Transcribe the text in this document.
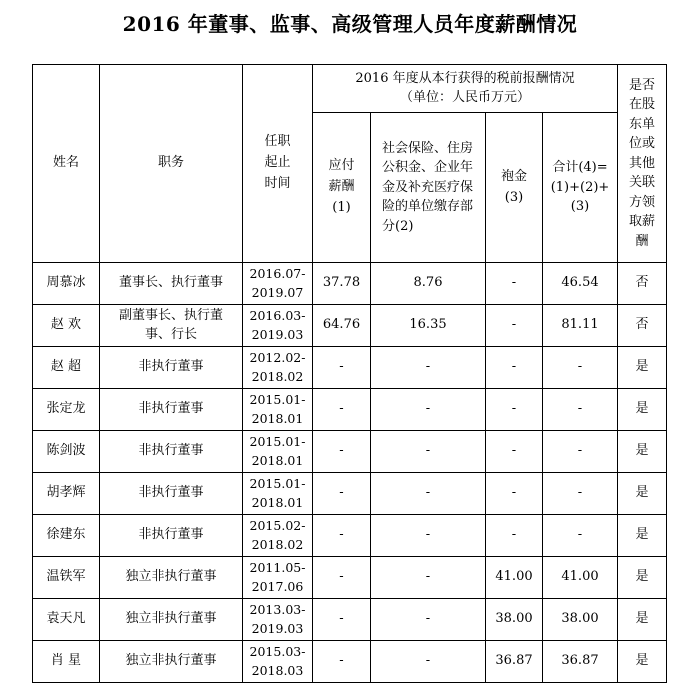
2016 年董事、监事、高级管理人员年度薪酬情况
姓名	职务	任职起止时间	2016 年度从本行获得的税前报酬情况（单位：人民币万元）				是否在股东单位或其他关联方领取薪酬

			应付薪酬(1)	社会保险、住房公积金、企业年金及补充医疗保险的单位缴存部分(2)	袍金(3)	合计(4)=(1)+(2)+(3)	

周慕冰	董事长、执行董事	2016.07-
2019.07	37.78	8.76	-	46.54	否
赵 欢	副董事长、执行董事、行长	2016.03-
2019.03	64.76	16.35	-	81.11	否
赵 超	非执行董事	2012.02-
2018.02	-	-	-	-	是
张定龙	非执行董事	2015.01-
2018.01	-	-	-	-	是
陈剑波	非执行董事	2015.01-
2018.01	-	-	-	-	是
胡孝辉	非执行董事	2015.01-
2018.01	-	-	-	-	是
徐建东	非执行董事	2015.02-
2018.02	-	-	-	-	是
温铁军	独立非执行董事	2011.05-
2017.06	-	-	41.00	41.00	是
袁天凡	独立非执行董事	2013.03-
2019.03	-	-	38.00	38.00	是
肖 星	独立非执行董事	2015.03-
2018.03	-	-	36.87	36.87	是
